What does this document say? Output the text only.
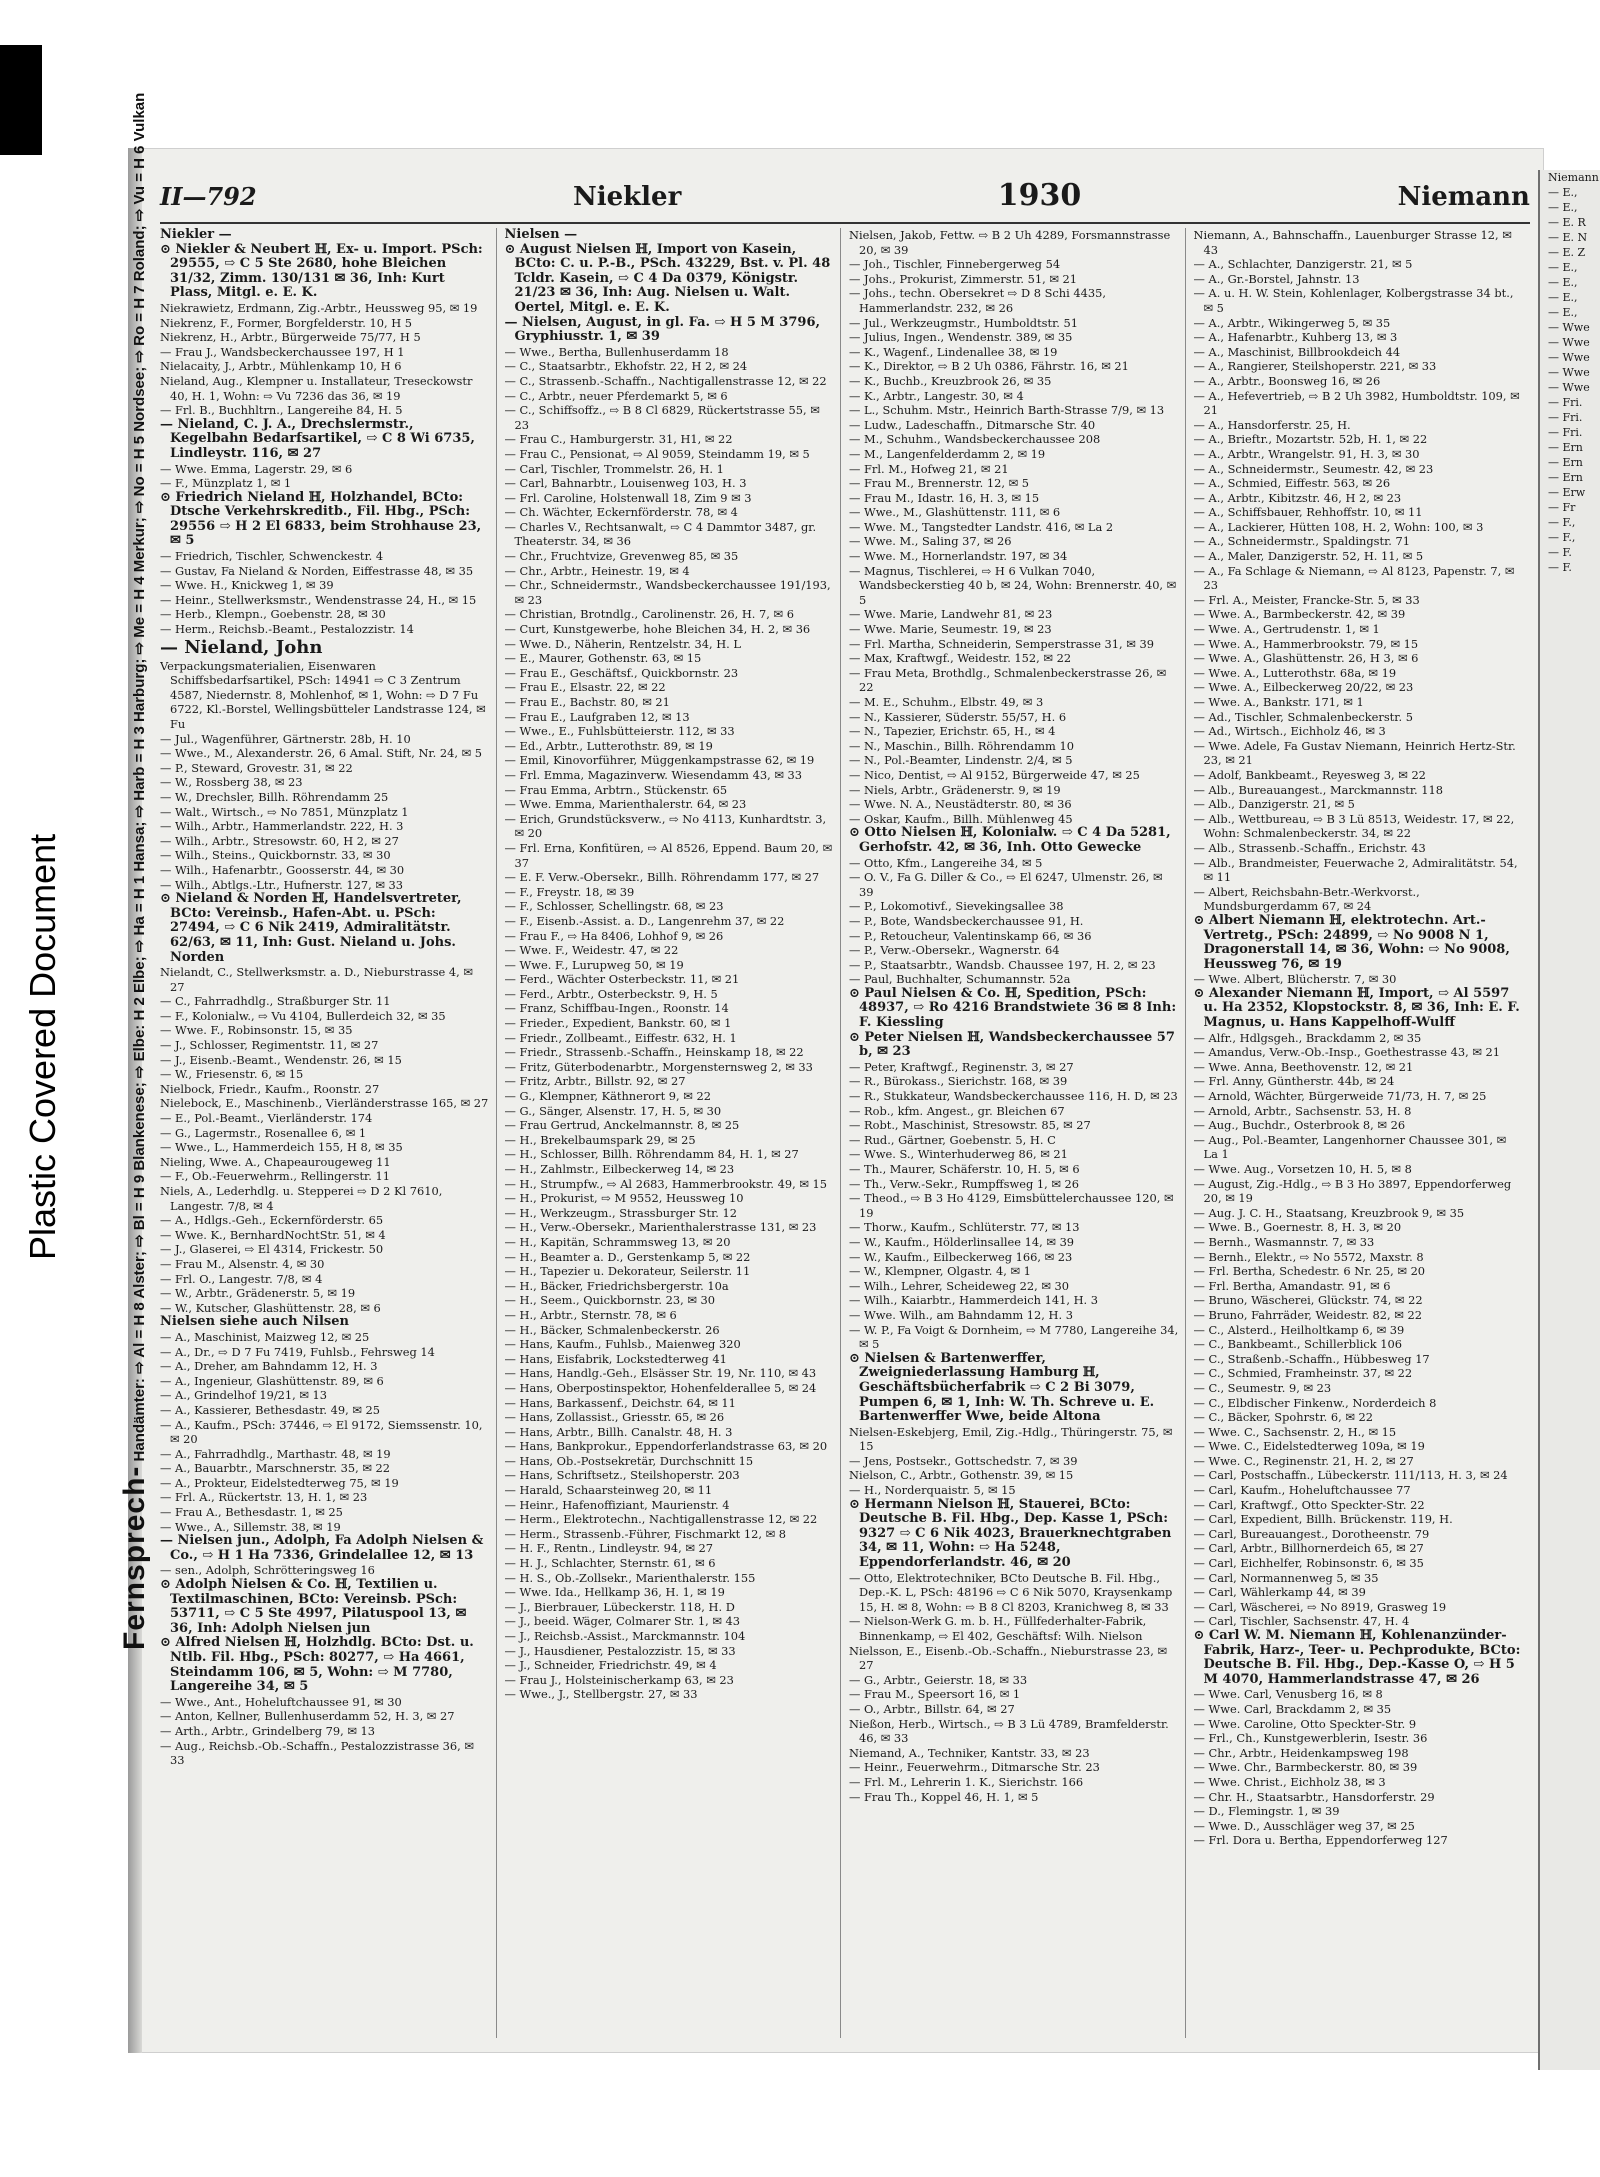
Plastic Covered Document
Fernsprech- Handämter: ⇨ Al = H 8 Alster; ⇨ Bl = H 9 Blankenese; ⇨ Elbe: H 2 Elbe; ⇨ Ha = H 1 Hansa; ⇨ Harb = H 3 Harburg; ⇨ Me = H 4 Merkur; ⇨ No = H 5 Nordsee; ⇨ Ro = H 7 Roland; ⇨ Vu = H 6 Vulkan II—792	Niekler	1930	Niemann
Niekler —
⊙ Niekler & Neubert ℍ, Ex- u. Import. PSch: 29555, ⇨ C 5 Ste 2680, hohe Bleichen 31/32, Zimm. 130/131 ✉ 36, Inh: Kurt Plass, Mitgl. e. E. K.
Niekrawietz, Erdmann, Zig.-Arbtr., Heussweg 95, ✉ 19
Niekrenz, F., Former, Borgfelderstr. 10, H 5
Niekrenz, H., Arbtr., Bürgerweide 75/77, H 5
— Frau J., Wandsbeckerchaussee 197, H 1
Nielacaity, J., Arbtr., Mühlenkamp 10, H 6
Nieland, Aug., Klempner u. Installateur, Treseckowstr 40, H. 1, Wohn: ⇨ Vu 7236 das 36, ✉ 19
— Frl. B., Buchhltrn., Langereihe 84, H. 5
— Nieland, C. J. A., Drechslermstr., Kegelbahn Bedarfsartikel, ⇨ C 8 Wi 6735, Lindleystr. 116, ✉ 27
— Wwe. Emma, Lagerstr. 29, ✉ 6
— F., Münzplatz 1, ✉ 1
⊙ Friedrich Nieland ℍ, Holzhandel, BCto: Dtsche Verkehrskreditb., Fil. Hbg., PSch: 29556 ⇨ H 2 El 6833, beim Strohhause 23, ✉ 5
— Friedrich, Tischler, Schwenckestr. 4
— Gustav, Fa Nieland & Norden, Eiffestrasse 48, ✉ 35
— Wwe. H., Knickweg 1, ✉ 39
— Heinr., Stellwerksmstr., Wendenstrasse 24, H., ✉ 15
— Herb., Klempn., Goebenstr. 28, ✉ 30
— Herm., Reichsb.-Beamt., Pestalozzistr. 14
— Nieland, John
Verpackungsmaterialien, Eisenwaren Schiffsbedarfsartikel, PSch: 14941 ⇨ C 3 Zentrum 4587, Niedernstr. 8, Mohlenhof, ✉ 1, Wohn: ⇨ D 7 Fu 6722, Kl.-Borstel, Wellingsbütteler Landstrasse 124, ✉ Fu
— Jul., Wagenführer, Gärtnerstr. 28b, H. 10
— Wwe., M., Alexanderstr. 26, 6 Amal. Stift, Nr. 24, ✉ 5
— P., Steward, Grovestr. 31, ✉ 22
— W., Rossberg 38, ✉ 23
— W., Drechsler, Billh. Röhrendamm 25
— Walt., Wirtsch., ⇨ No 7851, Münzplatz 1
— Wilh., Arbtr., Hammerlandstr. 222, H. 3
— Wilh., Arbtr., Stresowstr. 60, H 2, ✉ 27
— Wilh., Steins., Quickbornstr. 33, ✉ 30
— Wilh., Hafenarbtr., Goosserstr. 44, ✉ 30
— Wilh., Abtlgs.-Ltr., Hufnerstr. 127, ✉ 33
⊙ Nieland & Norden ℍ, Handelsvertreter, BCto: Vereinsb., Hafen-Abt. u. PSch: 27494, ⇨ C 6 Nik 2419, Admiralitätstr. 62/63, ✉ 11, Inh: Gust. Nieland u. Johs. Norden
Nielandt, C., Stellwerksmstr. a. D., Nieburstrasse 4, ✉ 27
— C., Fahrradhdlg., Straßburger Str. 11
— F., Kolonialw., ⇨ Vu 4104, Bullerdeich 32, ✉ 35
— Wwe. F., Robinsonstr. 15, ✉ 35
— J., Schlosser, Regimentstr. 11, ✉ 27
— J., Eisenb.-Beamt., Wendenstr. 26, ✉ 15
— W., Friesenstr. 6, ✉ 15
Nielbock, Friedr., Kaufm., Roonstr. 27
Nielebock, E., Maschinenb., Vierländerstrasse 165, ✉ 27
— E., Pol.-Beamt., Vierländerstr. 174
— G., Lagermstr., Rosenallee 6, ✉ 1
— Wwe., L., Hammerdeich 155, H 8, ✉ 35
Nieling, Wwe. A., Chapeaurougeweg 11
— F., Ob.-Feuerwehrm., Rellingerstr. 11
Niels, A., Lederhdlg. u. Stepperei ⇨ D 2 Kl 7610, Langestr. 7/8, ✉ 4
— A., Hdlgs.-Geh., Eckernförderstr. 65
— Wwe. K., BernhardNochtStr. 51, ✉ 4
— J., Glaserei, ⇨ El 4314, Frickestr. 50
— Frau M., Alsenstr. 4, ✉ 30
— Frl. O., Langestr. 7/8, ✉ 4
— W., Arbtr., Grädenerstr. 5, ✉ 19
— W., Kutscher, Glashüttenstr. 28, ✉ 6
Nielsen siehe auch Nilsen
— A., Maschinist, Maizweg 12, ✉ 25
— A., Dr., ⇨ D 7 Fu 7419, Fuhlsb., Fehrsweg 14
— A., Dreher, am Bahndamm 12, H. 3
— A., Ingenieur, Glashüttenstr. 89, ✉ 6
— A., Grindelhof 19/21, ✉ 13
— A., Kassierer, Bethesdastr. 49, ✉ 25
— A., Kaufm., PSch: 37446, ⇨ El 9172, Siemssenstr. 10, ✉ 20
— A., Fahrradhdlg., Marthastr. 48, ✉ 19
— A., Bauarbtr., Marschnerstr. 35, ✉ 22
— A., Prokteur, Eidelstedterweg 75, ✉ 19
— Frl. A., Rückertstr. 13, H. 1, ✉ 23
— Frau A., Bethesdastr. 1, ✉ 25
— Wwe., A., Sillemstr. 38, ✉ 19
— Nielsen jun., Adolph, Fa Adolph Nielsen & Co., ⇨ H 1 Ha 7336, Grindelallee 12, ✉ 13
— sen., Adolph, Schrötteringsweg 16
⊙ Adolph Nielsen & Co. ℍ, Textilien u. Textilmaschinen, BCto: Vereinsb. PSch: 53711, ⇨ C 5 Ste 4997, Pilatuspool 13, ✉ 36, Inh: Adolph Nielsen jun
⊙ Alfred Nielsen ℍ, Holzhdlg. BCto: Dst. u. Ntlb. Fil. Hbg., PSch: 80277, ⇨ Ha 4661, Steindamm 106, ✉ 5, Wohn: ⇨ M 7780, Langereihe 34, ✉ 5
— Wwe., Ant., Hoheluftchaussee 91, ✉ 30
— Anton, Kellner, Bullenhuserdamm 52, H. 3, ✉ 27
— Arth., Arbtr., Grindelberg 79, ✉ 13
— Aug., Reichsb.-Ob.-Schaffn., Pestalozzistrasse 36, ✉ 33
Nielsen —
⊙ August Nielsen ℍ, Import von Kasein, BCto: C. u. P.-B., PSch. 43229, Bst. v. Pl. 48 Tcldr. Kasein, ⇨ C 4 Da 0379, Königstr. 21/23 ✉ 36, Inh: Aug. Nielsen u. Walt. Oertel, Mitgl. e. E. K.
— Nielsen, August, in gl. Fa. ⇨ H 5 M 3796, Gryphiusstr. 1, ✉ 39
— Wwe., Bertha, Bullenhuserdamm 18
— C., Staatsarbtr., Ekhofstr. 22, H 2, ✉ 24
— C., Strassenb.-Schaffn., Nachtigallenstrasse 12, ✉ 22
— C., Arbtr., neuer Pferdemarkt 5, ✉ 6
— C., Schiffsoffz., ⇨ B 8 Cl 6829, Rückertstrasse 55, ✉ 23
— Frau C., Hamburgerstr. 31, H1, ✉ 22
— Frau C., Pensionat, ⇨ Al 9059, Steindamm 19, ✉ 5
— Carl, Tischler, Trommelstr. 26, H. 1
— Carl, Bahnarbtr., Louisenweg 103, H. 3
— Frl. Caroline, Holstenwall 18, Zim 9 ✉ 3
— Ch. Wächter, Eckernförderstr. 78, ✉ 4
— Charles V., Rechtsanwalt, ⇨ C 4 Dammtor 3487, gr. Theaterstr. 34, ✉ 36
— Chr., Fruchtvize, Grevenweg 85, ✉ 35
— Chr., Arbtr., Heinestr. 19, ✉ 4
— Chr., Schneidermstr., Wandsbeckerchaussee 191/193, ✉ 23
— Christian, Brotndlg., Carolinenstr. 26, H. 7, ✉ 6
— Curt, Kunstgewerbe, hohe Bleichen 34, H. 2, ✉ 36
— Wwe. D., Näherin, Rentzelstr. 34, H. L
— E., Maurer, Gothenstr. 63, ✉ 15
— Frau E., Geschäftsf., Quickbornstr. 23
— Frau E., Elsastr. 22, ✉ 22
— Frau E., Bachstr. 80, ✉ 21
— Frau E., Laufgraben 12, ✉ 13
— Wwe., E., Fuhlsbütteierstr. 112, ✉ 33
— Ed., Arbtr., Lutterothstr. 89, ✉ 19
— Emil, Kinovorführer, Müggenkampstrasse 62, ✉ 19
— Frl. Emma, Magazinverw. Wiesendamm 43, ✉ 33
— Frau Emma, Arbtrn., Stückenstr. 65
— Wwe. Emma, Marienthalerstr. 64, ✉ 23
— Erich, Grundstücksverw., ⇨ No 4113, Kunhardtstr. 3, ✉ 20
— Frl. Erna, Konfitüren, ⇨ Al 8526, Eppend. Baum 20, ✉ 37
— E. F. Verw.-Obersekr., Billh. Röhrendamm 177, ✉ 27
— F., Freystr. 18, ✉ 39
— F., Schlosser, Schellingstr. 68, ✉ 23
— F., Eisenb.-Assist. a. D., Langenrehm 37, ✉ 22
— Frau F., ⇨ Ha 8406, Lohhof 9, ✉ 26
— Wwe. F., Weidestr. 47, ✉ 22
— Wwe. F., Lurupweg 50, ✉ 19
— Ferd., Wächter Osterbeckstr. 11, ✉ 21
— Ferd., Arbtr., Osterbeckstr. 9, H. 5
— Franz, Schiffbau-Ingen., Roonstr. 14
— Frieder., Expedient, Bankstr. 60, ✉ 1
— Friedr., Zollbeamt., Eiffestr. 632, H. 1
— Friedr., Strassenb.-Schaffn., Heinskamp 18, ✉ 22
— Fritz, Güterbodenarbtr., Morgensternsweg 2, ✉ 33
— Fritz, Arbtr., Billstr. 92, ✉ 27
— G., Klempner, Käthnerort 9, ✉ 22
— G., Sänger, Alsenstr. 17, H. 5, ✉ 30
— Frau Gertrud, Anckelmannstr. 8, ✉ 25
— H., Brekelbaumspark 29, ✉ 25
— H., Schlosser, Billh. Röhrendamm 84, H. 1, ✉ 27
— H., Zahlmstr., Eilbeckerweg 14, ✉ 23
— H., Strumpfw., ⇨ Al 2683, Hammerbrookstr. 49, ✉ 15
— H., Prokurist, ⇨ M 9552, Heussweg 10
— H., Werkzeugm., Strassburger Str. 12
— H., Verw.-Obersekr., Marienthalerstrasse 131, ✉ 23
— H., Kapitän, Schrammsweg 13, ✉ 20
— H., Beamter a. D., Gerstenkamp 5, ✉ 22
— H., Tapezier u. Dekorateur, Seilerstr. 11
— H., Bäcker, Friedrichsbergerstr. 10a
— H., Seem., Quickbornstr. 23, ✉ 30
— H., Arbtr., Sternstr. 78, ✉ 6
— H., Bäcker, Schmalenbeckerstr. 26
— Hans, Kaufm., Fuhlsb., Maienweg 320
— Hans, Eisfabrik, Lockstedterweg 41
— Hans, Handlg.-Geh., Elsässer Str. 19, Nr. 110, ✉ 43
— Hans, Oberpostinspektor, Hohenfelderallee 5, ✉ 24
— Hans, Barkassenf., Deichstr. 64, ✉ 11
— Hans, Zollassist., Griesstr. 65, ✉ 26
— Hans, Arbtr., Billh. Canalstr. 48, H. 3
— Hans, Bankprokur., Eppendorferlandstrasse 63, ✉ 20
— Hans, Ob.-Postsekretär, Durchschnitt 15
— Hans, Schriftsetz., Steilshoperstr. 203
— Harald, Schaarsteinweg 20, ✉ 11
— Heinr., Hafenoffiziant, Maurienstr. 4
— Herm., Elektrotechn., Nachtigallenstrasse 12, ✉ 22
— Herm., Strassenb.-Führer, Fischmarkt 12, ✉ 8
— H. F., Rentn., Lindleystr. 94, ✉ 27
— H. J., Schlachter, Sternstr. 61, ✉ 6
— H. S., Ob.-Zollsekr., Marienthalerstr. 155
— Wwe. Ida., Hellkamp 36, H. 1, ✉ 19
— J., Bierbrauer, Lübeckerstr. 118, H. D
— J., beeid. Wäger, Colmarer Str. 1, ✉ 43
— J., Reichsb.-Assist., Marckmannstr. 104
— J., Hausdiener, Pestalozzistr. 15, ✉ 33
— J., Schneider, Friedrichstr. 49, ✉ 4
— Frau J., Holsteinischerkamp 63, ✉ 23
— Wwe., J., Stellbergstr. 27, ✉ 33
Nielsen, Jakob, Fettw. ⇨ B 2 Uh 4289, Forsmannstrasse 20, ✉ 39
— Joh., Tischler, Finnebergerweg 54
— Johs., Prokurist, Zimmerstr. 51, ✉ 21
— Johs., techn. Obersekret ⇨ D 8 Schi 4435, Hammerlandstr. 232, ✉ 26
— Jul., Werkzeugmstr., Humboldtstr. 51
— Julius, Ingen., Wendenstr. 389, ✉ 35
— K., Wagenf., Lindenallee 38, ✉ 19
— K., Direktor, ⇨ B 2 Uh 0386, Fährstr. 16, ✉ 21
— K., Buchb., Kreuzbrook 26, ✉ 35
— K., Arbtr., Langestr. 30, ✉ 4
— L., Schuhm. Mstr., Heinrich Barth-Strasse 7/9, ✉ 13
— Ludw., Ladeschaffn., Ditmarsche Str. 40
— M., Schuhm., Wandsbeckerchaussee 208
— M., Langenfelderdamm 2, ✉ 19
— Frl. M., Hofweg 21, ✉ 21
— Frau M., Brennerstr. 12, ✉ 5
— Frau M., Idastr. 16, H. 3, ✉ 15
— Wwe., M., Glashüttenstr. 111, ✉ 6
— Wwe. M., Tangstedter Landstr. 416, ✉ La 2
— Wwe. M., Saling 37, ✉ 26
— Wwe. M., Hornerlandstr. 197, ✉ 34
— Magnus, Tischlerei, ⇨ H 6 Vulkan 7040, Wandsbeckerstieg 40 b, ✉ 24, Wohn: Brennerstr. 40, ✉ 5
— Wwe. Marie, Landwehr 81, ✉ 23
— Wwe. Marie, Seumestr. 19, ✉ 23
— Frl. Martha, Schneiderin, Semperstrasse 31, ✉ 39
— Max, Kraftwgf., Weidestr. 152, ✉ 22
— Frau Meta, Brothdlg., Schmalenbeckerstrasse 26, ✉ 22
— M. E., Schuhm., Elbstr. 49, ✉ 3
— N., Kassierer, Süderstr. 55/57, H. 6
— N., Tapezier, Erichstr. 65, H., ✉ 4
— N., Maschin., Billh. Röhrendamm 10
— N., Pol.-Beamter, Lindenstr. 2/4, ✉ 5
— Nico, Dentist, ⇨ Al 9152, Bürgerweide 47, ✉ 25
— Niels, Arbtr., Grädenerstr. 9, ✉ 19
— Wwe. N. A., Neustädterstr. 80, ✉ 36
— Oskar, Kaufm., Billh. Mühlenweg 45
⊙ Otto Nielsen ℍ, Kolonialw. ⇨ C 4 Da 5281, Gerhofstr. 42, ✉ 36, Inh. Otto Gewecke
— Otto, Kfm., Langereihe 34, ✉ 5
— O. V., Fa G. Diller & Co., ⇨ El 6247, Ulmenstr. 26, ✉ 39
— P., Lokomotivf., Sievekingsallee 38
— P., Bote, Wandsbeckerchaussee 91, H.
— P., Retoucheur, Valentinskamp 66, ✉ 36
— P., Verw.-Obersekr., Wagnerstr. 64
— P., Staatsarbtr., Wandsb. Chaussee 197, H. 2, ✉ 23
— Paul, Buchhalter, Schumannstr. 52a
⊙ Paul Nielsen & Co. ℍ, Spedition, PSch: 48937, ⇨ Ro 4216 Brandstwiete 36 ✉ 8 Inh: F. Kiessling
⊙ Peter Nielsen ℍ, Wandsbeckerchaussee 57 b, ✉ 23
— Peter, Kraftwgf., Reginenstr. 3, ✉ 27
— R., Bürokass., Sierichstr. 168, ✉ 39
— R., Stukkateur, Wandsbeckerchaussee 116, H. D, ✉ 23
— Rob., kfm. Angest., gr. Bleichen 67
— Robt., Maschinist, Stresowstr. 85, ✉ 27
— Rud., Gärtner, Goebenstr. 5, H. C
— Wwe. S., Winterhuderweg 86, ✉ 21
— Th., Maurer, Schäferstr. 10, H. 5, ✉ 6
— Th., Verw.-Sekr., Rumpffsweg 1, ✉ 26
— Theod., ⇨ B 3 Ho 4129, Eimsbüttelerchaussee 120, ✉ 19
— Thorw., Kaufm., Schlüterstr. 77, ✉ 13
— W., Kaufm., Hölderlinsallee 14, ✉ 39
— W., Kaufm., Eilbeckerweg 166, ✉ 23
— W., Klempner, Olgastr. 4, ✉ 1
— Wilh., Lehrer, Scheideweg 22, ✉ 30
— Wilh., Kaiarbtr., Hammerdeich 141, H. 3
— Wwe. Wilh., am Bahndamm 12, H. 3
— W. P., Fa Voigt & Dornheim, ⇨ M 7780, Langereihe 34, ✉ 5
⊙ Nielsen & Bartenwerffer, Zweigniederlassung Hamburg ℍ, Geschäftsbücherfabrik ⇨ C 2 Bi 3079, Pumpen 6, ✉ 1, Inh: W. Th. Schreve u. E. Bartenwerffer Wwe, beide Altona
Nielsen-Eskebjerg, Emil, Zig.-Hdlg., Thüringerstr. 75, ✉ 15
— Jens, Postsekr., Gottschedstr. 7, ✉ 39
Nielson, C., Arbtr., Gothenstr. 39, ✉ 15
— H., Norderquaistr. 5, ✉ 15
⊙ Hermann Nielson ℍ, Stauerei, BCto: Deutsche B. Fil. Hbg., Dep. Kasse 1, PSch: 9327 ⇨ C 6 Nik 4023, Brauerknechtgraben 34, ✉ 11, Wohn: ⇨ Ha 5248, Eppendorferlandstr. 46, ✉ 20
— Otto, Elektrotechniker, BCto Deutsche B. Fil. Hbg., Dep.-K. L, PSch: 48196 ⇨ C 6 Nik 5070, Kraysenkamp 15, H. ✉ 8, Wohn: ⇨ B 8 Cl 8203, Kranichweg 8, ✉ 33
— Nielson-Werk G. m. b. H., Füllfederhalter-Fabrik, Binnenkamp, ⇨ El 402, Geschäftsf: Wilh. Nielson
Nielsson, E., Eisenb.-Ob.-Schaffn., Nieburstrasse 23, ✉ 27
— G., Arbtr., Geierstr. 18, ✉ 33
— Frau M., Speersort 16, ✉ 1
— O., Arbtr., Billstr. 64, ✉ 27
Nießon, Herb., Wirtsch., ⇨ B 3 Lü 4789, Bramfelderstr. 46, ✉ 33
Niemand, A., Techniker, Kantstr. 33, ✉ 23
— Heinr., Feuerwehrm., Ditmarsche Str. 23
— Frl. M., Lehrerin 1. K., Sierichstr. 166
— Frau Th., Koppel 46, H. 1, ✉ 5
Niemann, A., Bahnschaffn., Lauenburger Strasse 12, ✉ 43
— A., Schlachter, Danzigerstr. 21, ✉ 5
— A., Gr.-Borstel, Jahnstr. 13
— A. u. H. W. Stein, Kohlenlager, Kolbergstrasse 34 bt., ✉ 5
— A., Arbtr., Wikingerweg 5, ✉ 35
— A., Hafenarbtr., Kuhberg 13, ✉ 3
— A., Maschinist, Billbrookdeich 44
— A., Rangierer, Steilshoperstr. 221, ✉ 33
— A., Arbtr., Boonsweg 16, ✉ 26
— A., Hefevertrieb, ⇨ B 2 Uh 3982, Humboldtstr. 109, ✉ 21
— A., Hansdorferstr. 25, H.
— A., Brieftr., Mozartstr. 52b, H. 1, ✉ 22
— A., Arbtr., Wrangelstr. 91, H. 3, ✉ 30
— A., Schneidermstr., Seumestr. 42, ✉ 23
— A., Schmied, Eiffestr. 563, ✉ 26
— A., Arbtr., Kibitzstr. 46, H 2, ✉ 23
— A., Schiffsbauer, Rehhoffstr. 10, ✉ 11
— A., Lackierer, Hütten 108, H. 2, Wohn: 100, ✉ 3
— A., Schneidermstr., Spaldingstr. 71
— A., Maler, Danzigerstr. 52, H. 11, ✉ 5
— A., Fa Schlage & Niemann, ⇨ Al 8123, Papenstr. 7, ✉ 23
— Frl. A., Meister, Francke-Str. 5, ✉ 33
— Wwe. A., Barmbeckerstr. 42, ✉ 39
— Wwe. A., Gertrudenstr. 1, ✉ 1
— Wwe. A., Hammerbrookstr. 79, ✉ 15
— Wwe. A., Glashüttenstr. 26, H 3, ✉ 6
— Wwe. A., Lutterothstr. 68a, ✉ 19
— Wwe. A., Eilbeckerweg 20/22, ✉ 23
— Wwe. A., Bankstr. 171, ✉ 1
— Ad., Tischler, Schmalenbeckerstr. 5
— Ad., Wirtsch., Eichholz 46, ✉ 3
— Wwe. Adele, Fa Gustav Niemann, Heinrich Hertz-Str. 23, ✉ 21
— Adolf, Bankbeamt., Reyesweg 3, ✉ 22
— Alb., Bureauangest., Marckmannstr. 118
— Alb., Danzigerstr. 21, ✉ 5
— Alb., Wettbureau, ⇨ B 3 Lü 8513, Weidestr. 17, ✉ 22, Wohn: Schmalenbeckerstr. 34, ✉ 22
— Alb., Strassenb.-Schaffn., Erichstr. 43
— Alb., Brandmeister, Feuerwache 2, Admiralitätstr. 54, ✉ 11
— Albert, Reichsbahn-Betr.-Werkvorst., Mundsburgerdamm 67, ✉ 24
⊙ Albert Niemann ℍ, elektrotechn. Art.-Vertretg., PSch: 24899, ⇨ No 9008 N 1, Dragonerstall 14, ✉ 36, Wohn: ⇨ No 9008, Heussweg 76, ✉ 19
— Wwe. Albert, Blücherstr. 7, ✉ 30
⊙ Alexander Niemann ℍ, Import, ⇨ Al 5597 u. Ha 2352, Klopstockstr. 8, ✉ 36, Inh: E. F. Magnus, u. Hans Kappelhoff-Wulff
— Alfr., Hdlgsgeh., Brackdamm 2, ✉ 35
— Amandus, Verw.-Ob.-Insp., Goethestrasse 43, ✉ 21
— Wwe. Anna, Beethovenstr. 12, ✉ 21
— Frl. Anny, Güntherstr. 44b, ✉ 24
— Arnold, Wächter, Bürgerweide 71/73, H. 7, ✉ 25
— Arnold, Arbtr., Sachsenstr. 53, H. 8
— Aug., Buchdr., Osterbrook 8, ✉ 26
— Aug., Pol.-Beamter, Langenhorner Chaussee 301, ✉ La 1
— Wwe. Aug., Vorsetzen 10, H. 5, ✉ 8
— August, Zig.-Hdlg., ⇨ B 3 Ho 3897, Eppendorferweg 20, ✉ 19
— Aug. J. C. H., Staatsang, Kreuzbrook 9, ✉ 35
— Wwe. B., Goernestr. 8, H. 3, ✉ 20
— Bernh., Wasmannstr. 7, ✉ 33
— Bernh., Elektr., ⇨ No 5572, Maxstr. 8
— Frl. Bertha, Schedestr. 6 Nr. 25, ✉ 20
— Frl. Bertha, Amandastr. 91, ✉ 6
— Bruno, Wäscherei, Glückstr. 74, ✉ 22
— Bruno, Fahrräder, Weidestr. 82, ✉ 22
— C., Alsterd., Heilholtkamp 6, ✉ 39
— C., Bankbeamt., Schillerblick 106
— C., Straßenb.-Schaffn., Hübbesweg 17
— C., Schmied, Framheinstr. 37, ✉ 22
— C., Seumestr. 9, ✉ 23
— C., Elbdischer Finkenw., Norderdeich 8
— C., Bäcker, Spohrstr. 6, ✉ 22
— Wwe. C., Sachsenstr. 2, H., ✉ 15
— Wwe. C., Eidelstedterweg 109a, ✉ 19
— Wwe. C., Reginenstr. 21, H. 2, ✉ 27
— Carl, Postschaffn., Lübeckerstr. 111/113, H. 3, ✉ 24
— Carl, Kaufm., Hoheluftchaussee 77
— Carl, Kraftwgf., Otto Speckter-Str. 22
— Carl, Expedient, Billh. Brückenstr. 119, H.
— Carl, Bureauangest., Dorotheenstr. 79
— Carl, Arbtr., Billhornerdeich 65, ✉ 27
— Carl, Eichhelfer, Robinsonstr. 6, ✉ 35
— Carl, Normannenweg 5, ✉ 35
— Carl, Wählerkamp 44, ✉ 39
— Carl, Wäscherei, ⇨ No 8919, Grasweg 19
— Carl, Tischler, Sachsenstr. 47, H. 4
⊙ Carl W. M. Niemann ℍ, Kohlenanzünder-Fabrik, Harz-, Teer- u. Pechprodukte, BCto: Deutsche B. Fil. Hbg., Dep.-Kasse O, ⇨ H 5 M 4070, Hammerlandstrasse 47, ✉ 26
— Wwe. Carl, Venusberg 16, ✉ 8
— Wwe. Carl, Brackdamm 2, ✉ 35
— Wwe. Caroline, Otto Speckter-Str. 9
— Frl., Ch., Kunstgewerblerin, Isestr. 36
— Chr., Arbtr., Heidenkampsweg 198
— Wwe. Chr., Barmbeckerstr. 80, ✉ 39
— Wwe. Christ., Eichholz 38, ✉ 3
— Chr. H., Staatsarbtr., Hansdorferstr. 29
— D., Flemingstr. 1, ✉ 39
— Wwe. D., Ausschläger weg 37, ✉ 25
— Frl. Dora u. Bertha, Eppendorferweg 127
Niemann
— E.,
— E.,
— E. R
— E. N
— E. Z
— E.,
— E.,
— E.,
— E.,
— Wwe
— Wwe
— Wwe
— Wwe
— Wwe
— Fri.
— Fri.
— Fri.
— Ern
— Ern
— Ern
— Erw
— Fr
— F.,
— F.,
— F.
— F.
